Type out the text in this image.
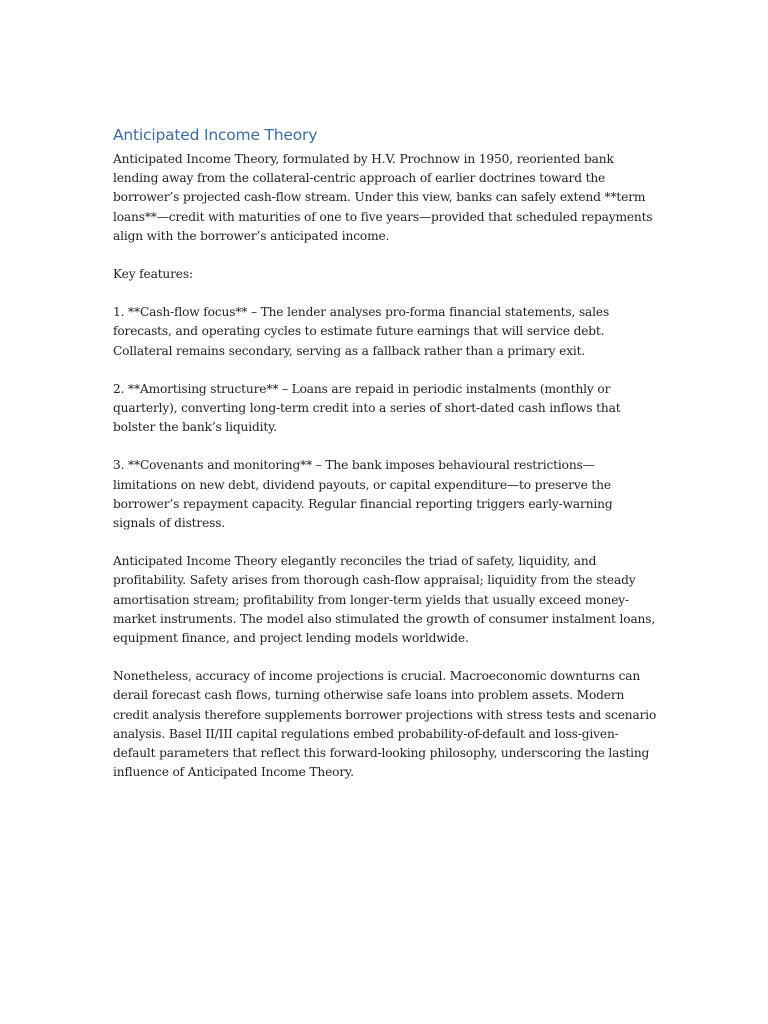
Anticipated Income Theory

Anticipated Income Theory, formulated by H.V. Prochnow in 1950, reoriented bank lending away from the collateral-centric approach of earlier doctrines toward the borrower’s projected cash-flow stream. Under this view, banks can safely extend **term loans**—credit with maturities of one to five years—provided that scheduled repayments align with the borrower’s anticipated income.

Key features:

1. **Cash-flow focus** – The lender analyses pro-forma financial statements, sales forecasts, and operating cycles to estimate future earnings that will service debt. Collateral remains secondary, serving as a fallback rather than a primary exit.

2. **Amortising structure** – Loans are repaid in periodic instalments (monthly or quarterly), converting long-term credit into a series of short-dated cash inflows that bolster the bank’s liquidity.

3. **Covenants and monitoring** – The bank imposes behavioural restrictions—limitations on new debt, dividend payouts, or capital expenditure—to preserve the borrower’s repayment capacity. Regular financial reporting triggers early-warning signals of distress.

Anticipated Income Theory elegantly reconciles the triad of safety, liquidity, and profitability. Safety arises from thorough cash-flow appraisal; liquidity from the steady amortisation stream; profitability from longer-term yields that usually exceed money-market instruments. The model also stimulated the growth of consumer instalment loans, equipment finance, and project lending models worldwide.

Nonetheless, accuracy of income projections is crucial. Macroeconomic downturns can derail forecast cash flows, turning otherwise safe loans into problem assets. Modern credit analysis therefore supplements borrower projections with stress tests and scenario analysis. Basel II/III capital regulations embed probability-of-default and loss-given-default parameters that reflect this forward-looking philosophy, underscoring the lasting influence of Anticipated Income Theory.
